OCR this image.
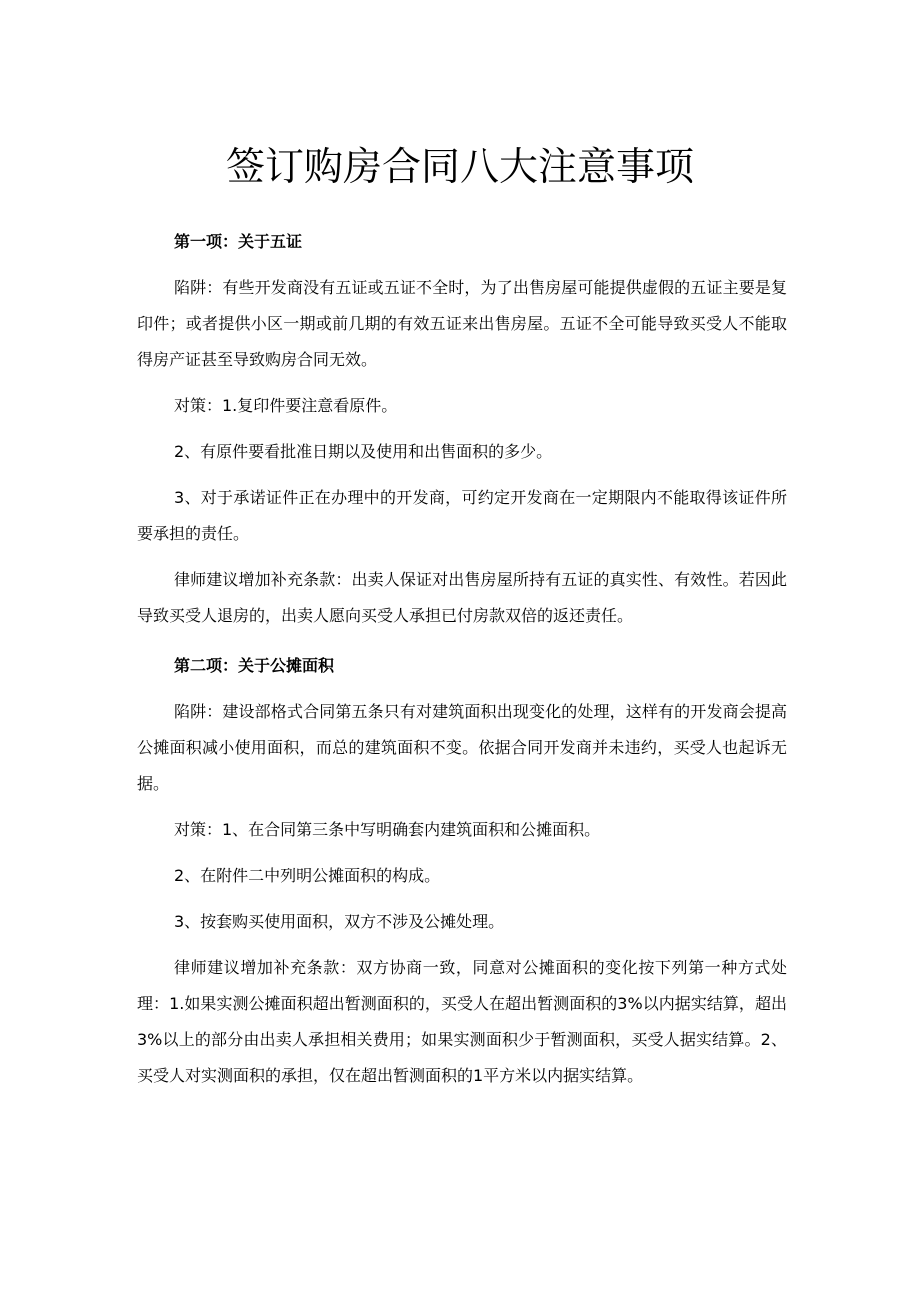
签订购房合同八大注意事项

第一项：关于五证

陷阱：有些开发商没有五证或五证不全时，为了出售房屋可能提供虚假的五证主要是复印件；或者提供小区一期或前几期的有效五证来出售房屋。五证不全可能导致买受人不能取得房产证甚至导致购房合同无效。

对策：1.复印件要注意看原件。

2、有原件要看批准日期以及使用和出售面积的多少。

3、对于承诺证件正在办理中的开发商，可约定开发商在一定期限内不能取得该证件所要承担的责任。

律师建议增加补充条款：出卖人保证对出售房屋所持有五证的真实性、有效性。若因此导致买受人退房的，出卖人愿向买受人承担已付房款双倍的返还责任。

第二项：关于公摊面积

陷阱：建设部格式合同第五条只有对建筑面积出现变化的处理，这样有的开发商会提高公摊面积减小使用面积，而总的建筑面积不变。依据合同开发商并未违约，买受人也起诉无据。

对策：1、在合同第三条中写明确套内建筑面积和公摊面积。

2、在附件二中列明公摊面积的构成。

3、按套购买使用面积，双方不涉及公摊处理。

律师建议增加补充条款：双方协商一致，同意对公摊面积的变化按下列第一种方式处理：1.如果实测公摊面积超出暂测面积的，买受人在超出暂测面积的3%以内据实结算，超出3%以上的部分由出卖人承担相关费用；如果实测面积少于暂测面积，买受人据实结算。2、买受人对实测面积的承担，仅在超出暂测面积的1平方米以内据实结算。
